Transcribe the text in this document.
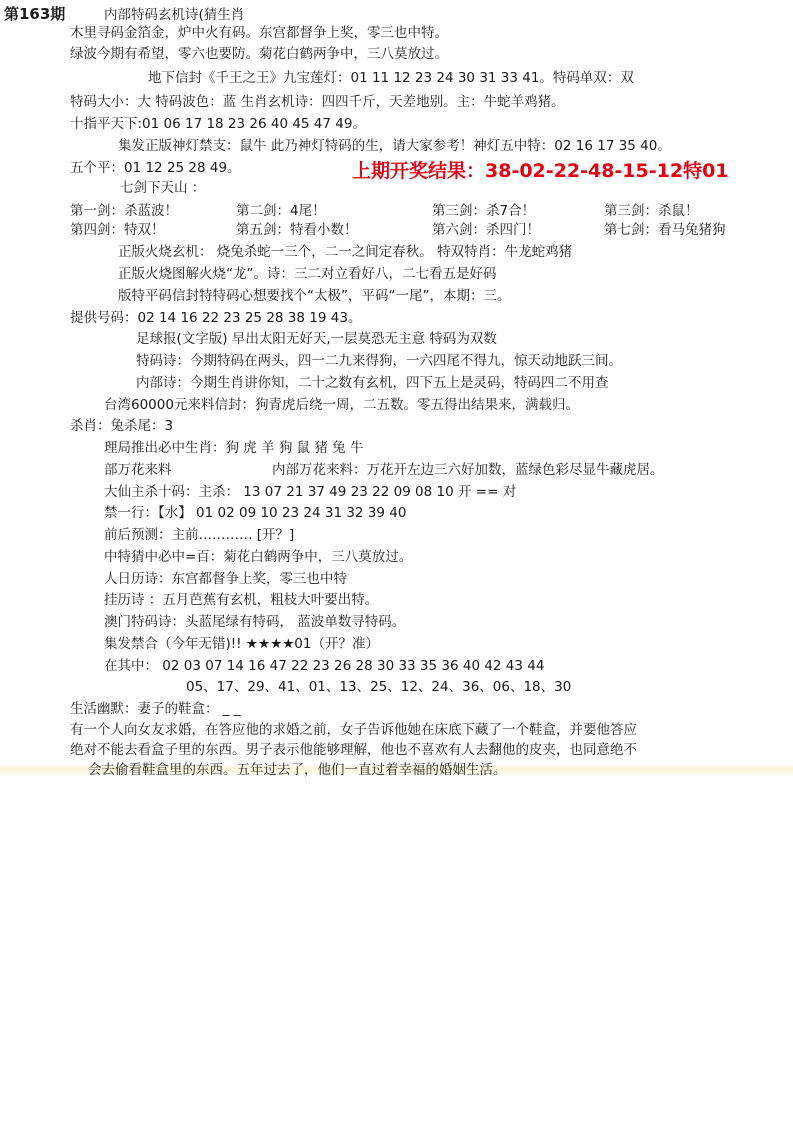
第163期	内部特码玄机诗(猜生肖
木里寻码金箔金，炉中火有码。东宫都督争上奖，零三也中特。
绿波今期有希望，零六也要防。菊花白鹤两争中，三八莫放过。
地下信封《千王之王》九宝莲灯：01 11 12 23 24 30 31 33 41。特码单双：双
特码大小：大 特码波色：蓝 生肖玄机诗：四四千斤，天差地别。主：牛蛇羊鸡猪。
十指平天下:01 06 17 18 23 26 40 45 47 49。
集发正版神灯禁支：鼠牛 此乃神灯特码的生，请大家参考！神灯五中特：02 16 17 35 40。
五个平：01 12 25 28 49。	上期开奖结果：38-02-22-48-15-12特01
七剑下天山 ：
第一剑：杀蓝波！	第二剑：4尾！	第三剑：杀7合！	第三剑：杀鼠！
第四剑：特双！	第五剑：特看小数！	第六剑：杀四门！	第七剑：看马兔猪狗
正版火烧玄机： 烧兔杀蛇一三个，二一之间定春秋。 特双特肖：牛龙蛇鸡猪
正版火烧图解火烧“龙”。诗：三二对立看好八，二七看五是好码
版特平码信封特特码心想要找个“太极”，平码“一尾”，本期：三。
提供号码：02 14 16 22 23 25 28 38 19 43。
足球报(文字版) 早出太阳无好天,一层莫恐无主意 特码为双数
特码诗：今期特码在两头，四一二九来得狗，一六四尾不得九，惊天动地跃三间。
内部诗：今期生肖讲你知，二十之数有玄机，四下五上是灵码，特码四二不用查
台湾60000元来料信封：狗青虎后绕一周，二五数。零五得出结果来，满载归。
杀肖：兔杀尾：3
理局推出必中生肖：狗 虎 羊 狗 鼠 猪 兔 牛
部万花来料	内部万花来料：万花开左边三六好加数，蓝绿色彩尽显牛藏虎居。
大仙主杀十码：主杀： 13 07 21 37 49 23 22 09 08 10 开 == 对
禁一行：【水】 01 02 09 10 23 24 31 32 39 40
前后预测：主前………… [开？]
中特猜中必中=百：菊花白鹤两争中，三八莫放过。
人日历诗：东宫都督争上奖，零三也中特
挂历诗 ：五月芭蕉有玄机，粗枝大叶要出特。
澳门特码诗：头蓝尾绿有特码， 蓝波单数寻特码。
集发禁合（今年无错)!! ★★★★01（开？准）
在其中： 02 03 07 14 16 47 22 23 26 28 30 33 35 36 40 42 43 44
05、17、29、41、01、13、25、12、24、36、06、18、30
生活幽默：妻子的鞋盒： _ _
有一个人向女友求婚，在答应他的求婚之前，女子告诉他她在床底下藏了一个鞋盒，并要他答应
绝对不能去看盒子里的东西。男子表示他能够理解，他也不喜欢有人去翻他的皮夹，也同意绝不
会去偷看鞋盒里的东西。五年过去了，他们一直过着幸福的婚姻生活。
